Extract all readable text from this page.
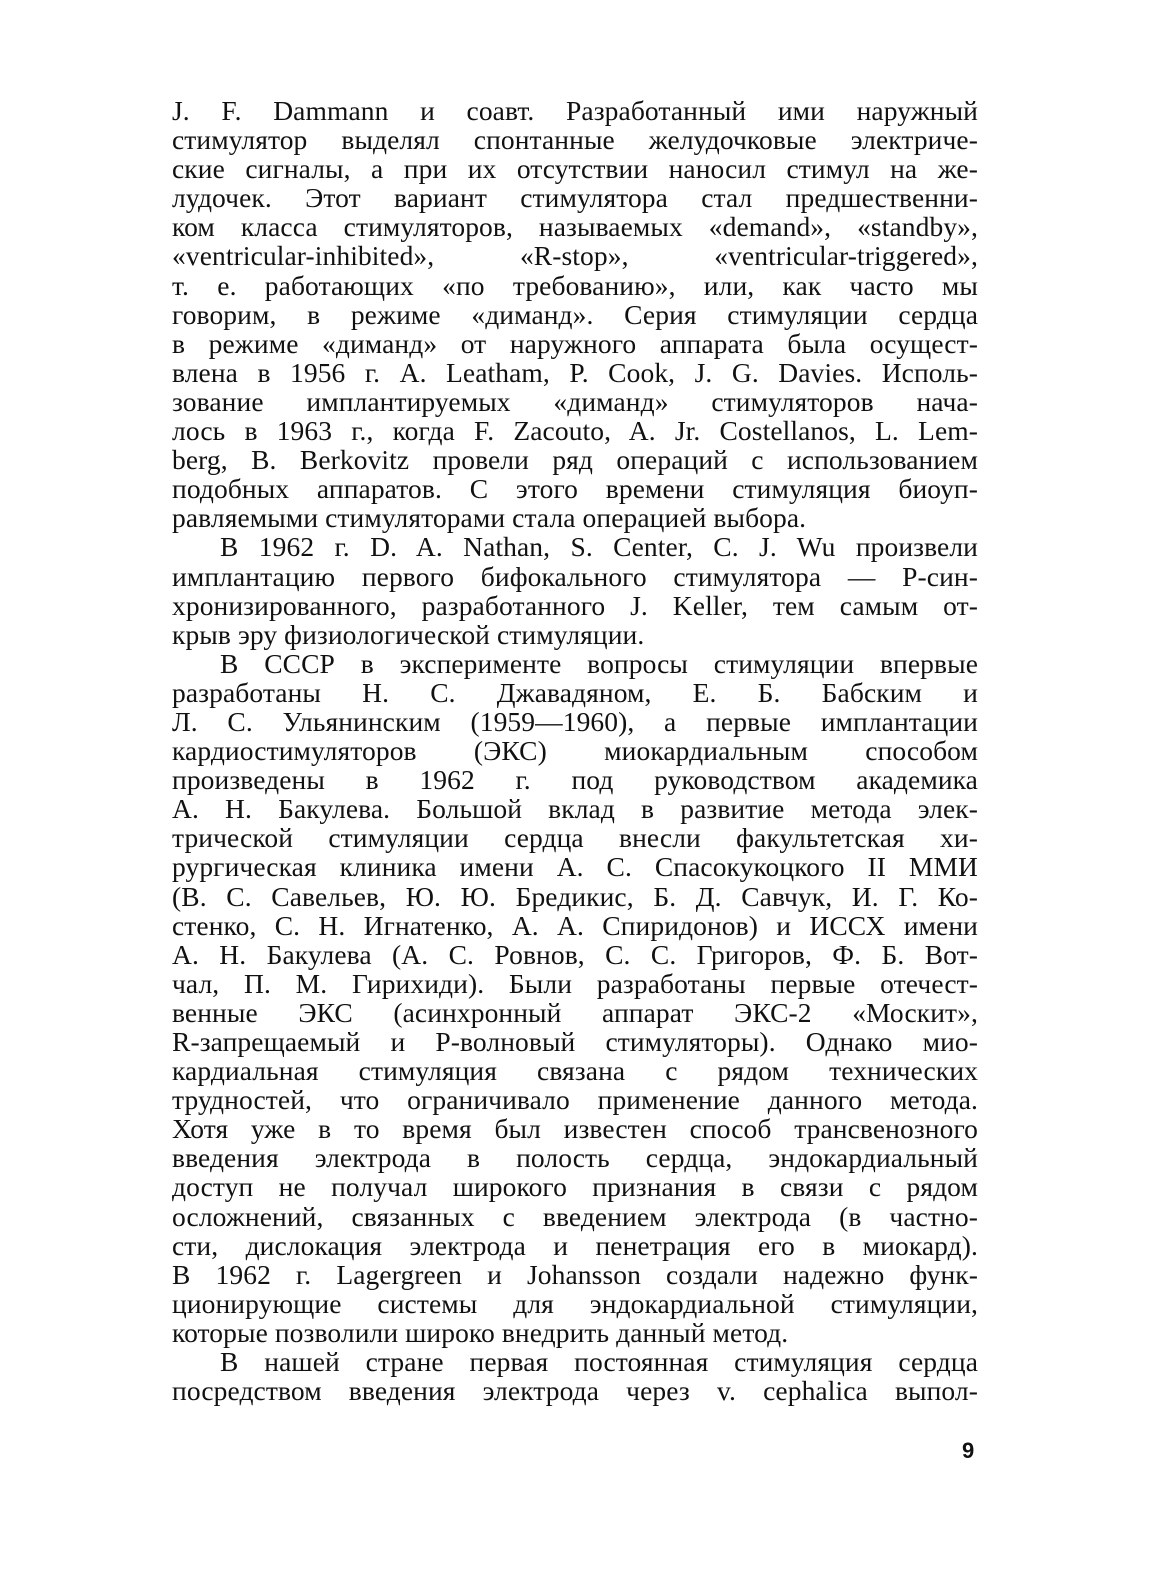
J. F. Dammann и соавт. Разработанный ими наружный
стимулятор выделял спонтанные желудочковые электриче-
ские сигналы, а при их отсутствии наносил стимул на же-
лудочек. Этот вариант стимулятора стал предшественни-
ком класса стимуляторов, называемых «demand», «standby»,
«ventricular-inhibited», «R-stop», «ventricular-triggered»,
т. е. работающих «по требованию», или, как часто мы
говорим, в режиме «диманд». Серия стимуляции сердца
в режиме «диманд» от наружного аппарата была осущест-
влена в 1956 г. A. Leatham, P. Cook, J. G. Davies. Исполь-
зование имплантируемых «диманд» стимуляторов нача-
лось в 1963 г., когда F. Zacouto, A. Jr. Costellanos, L. Lem-
berg, B. Berkovitz провели ряд операций с использованием
подобных аппаратов. С этого времени стимуляция биоуп-
равляемыми стимуляторами стала операцией выбора.
В 1962 г. D. A. Nathan, S. Center, C. J. Wu произвели
имплантацию первого бифокального стимулятора — P-син-
хронизированного, разработанного J. Keller, тем самым от-
крыв эру физиологической стимуляции.
В СССР в эксперименте вопросы стимуляции впервые
разработаны Н. С. Джавадяном, Е. Б. Бабским и
Л. С. Ульянинским (1959—1960), а первые имплантации
кардиостимуляторов (ЭКС) миокардиальным способом
произведены в 1962 г. под руководством академика
А. Н. Бакулева. Большой вклад в развитие метода элек-
трической стимуляции сердца внесли факультетская хи-
рургическая клиника имени А. С. Спасокукоцкого II ММИ
(В. С. Савельев, Ю. Ю. Бредикис, Б. Д. Савчук, И. Г. Ко-
стенко, С. Н. Игнатенко, А. А. Спиридонов) и ИССХ имени
А. Н. Бакулева (А. С. Ровнов, С. С. Григоров, Ф. Б. Вот-
чал, П. М. Гирихиди). Были разработаны первые отечест-
венные ЭКС (асинхронный аппарат ЭКС-2 «Москит»,
R-запрещаемый и P-волновый стимуляторы). Однако мио-
кардиальная стимуляция связана с рядом технических
трудностей, что ограничивало применение данного метода.
Хотя уже в то время был известен способ трансвенозного
введения электрода в полость сердца, эндокардиальный
доступ не получал широкого признания в связи с рядом
осложнений, связанных с введением электрода (в частно-
сти, дислокация электрода и пенетрация его в миокард).
В 1962 г. Lagergreen и Johansson создали надежно функ-
ционирующие системы для эндокардиальной стимуляции,
которые позволили широко внедрить данный метод.
В нашей стране первая постоянная стимуляция сердца
посредством введения электрода через v. cephalica выпол-
9
